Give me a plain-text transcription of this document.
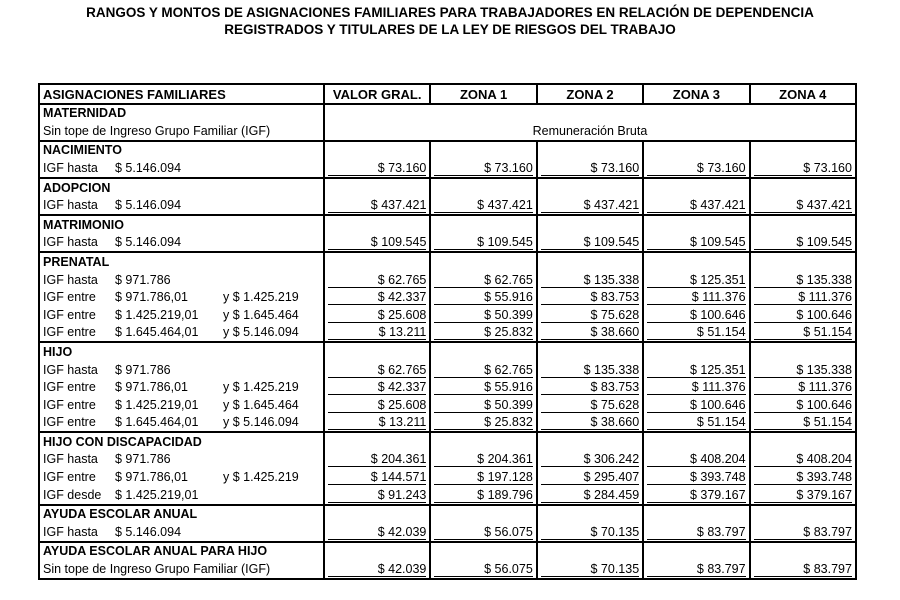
RANGOS Y MONTOS DE ASIGNACIONES FAMILIARES PARA TRABAJADORES EN RELACIÓN DE DEPENDENCIA
REGISTRADOS Y TITULARES DE LA LEY DE RIESGOS DEL TRABAJO
ASIGNACIONES FAMILIARES	VALOR GRAL.	ZONA 1	ZONA 2	ZONA 3	ZONA 4
MATERNIDAD					
Sin tope de Ingreso Grupo Familiar (IGF)	Remuneración Bruta				
NACIMIENTO					
IGF hasta $ 5.146.094	$ 73.160	$ 73.160	$ 73.160	$ 73.160	$ 73.160

ADOPCION					
IGF hasta $ 5.146.094	$ 437.421	$ 437.421	$ 437.421	$ 437.421	$ 437.421

MATRIMONIO					
IGF hasta $ 5.146.094	$ 109.545	$ 109.545	$ 109.545	$ 109.545	$ 109.545

PRENATAL					
IGF hasta $ 971.786	$ 62.765	$ 62.765	$ 135.338	$ 125.351	$ 135.338

IGF entre $ 971.786,01 y $ 1.425.219	$ 42.337	$ 55.916	$ 83.753	$ 111.376	$ 111.376

IGF entre $ 1.425.219,01 y $ 1.645.464	$ 25.608	$ 50.399	$ 75.628	$ 100.646	$ 100.646

IGF entre $ 1.645.464,01 y $ 5.146.094	$ 13.211	$ 25.832	$ 38.660	$ 51.154	$ 51.154

HIJO					
IGF hasta $ 971.786	$ 62.765	$ 62.765	$ 135.338	$ 125.351	$ 135.338

IGF entre $ 971.786,01 y $ 1.425.219	$ 42.337	$ 55.916	$ 83.753	$ 111.376	$ 111.376

IGF entre $ 1.425.219,01 y $ 1.645.464	$ 25.608	$ 50.399	$ 75.628	$ 100.646	$ 100.646

IGF entre $ 1.645.464,01 y $ 5.146.094	$ 13.211	$ 25.832	$ 38.660	$ 51.154	$ 51.154

HIJO CON DISCAPACIDAD					
IGF hasta $ 971.786	$ 204.361	$ 204.361	$ 306.242	$ 408.204	$ 408.204

IGF entre $ 971.786,01 y $ 1.425.219	$ 144.571	$ 197.128	$ 295.407	$ 393.748	$ 393.748

IGF desde $ 1.425.219,01	$ 91.243	$ 189.796	$ 284.459	$ 379.167	$ 379.167

AYUDA ESCOLAR ANUAL					
IGF hasta $ 5.146.094	$ 42.039	$ 56.075	$ 70.135	$ 83.797	$ 83.797

AYUDA ESCOLAR ANUAL PARA HIJO					
Sin tope de Ingreso Grupo Familiar (IGF)	$ 42.039	$ 56.075	$ 70.135	$ 83.797	$ 83.797
